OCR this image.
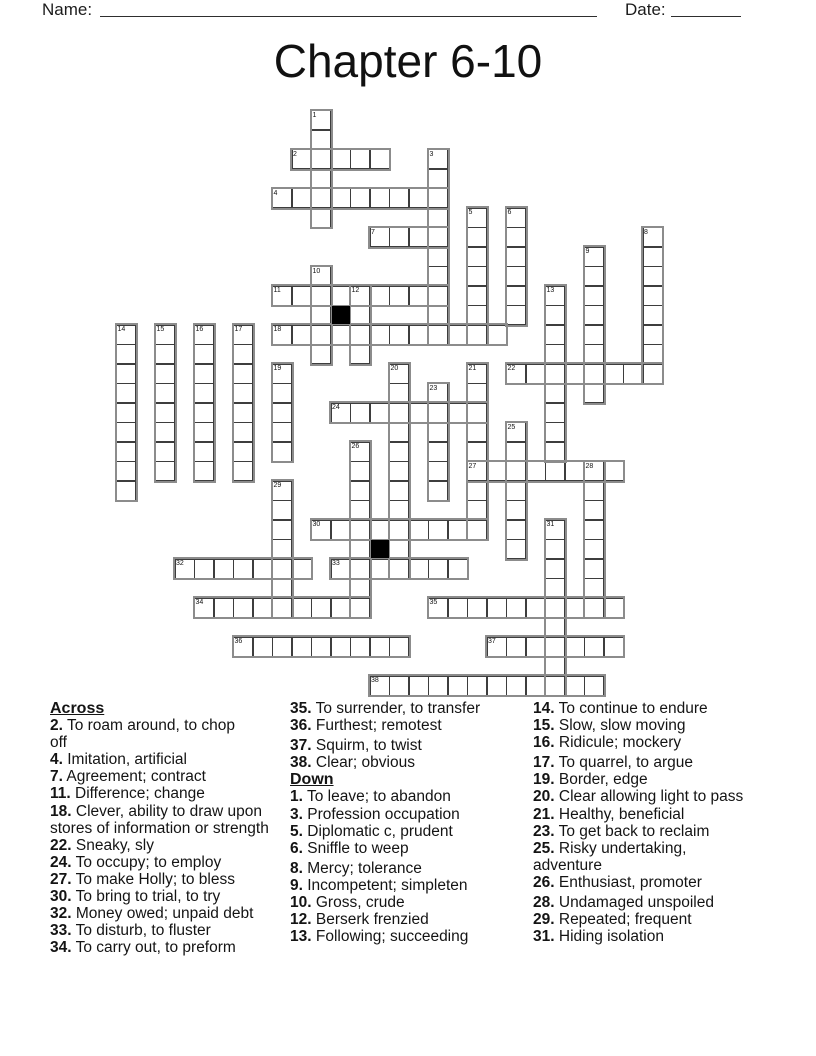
Name:	Date:
Chapter 6-10
2
4
7
11
18
22
24
27
30
32	33
34	35
36	37
38
1
3
5	6
8
9
10
12	13
14	15	16	17
19	20	21
23
25
26
28
29
31
Across
2. To roam around, to chop
off
4. Imitation, artificial
7. Agreement; contract
11. Difference; change
18. Clever, ability to draw upon
stores of information or strength
22. Sneaky, sly
24. To occupy; to employ
27. To make Holly; to bless
30. To bring to trial, to try
32. Money owed; unpaid debt
33. To disturb, to fluster
34. To carry out, to preform
35. To surrender, to transfer
36. Furthest; remotest
37. Squirm, to twist
38. Clear; obvious
Down
1. To leave; to abandon
3. Profession occupation
5. Diplomatic c, prudent
6. Sniffle to weep
8. Mercy; tolerance
9. Incompetent; simpleten
10. Gross, crude
12. Berserk frenzied
13. Following; succeeding
14. To continue to endure
15. Slow, slow moving
16. Ridicule; mockery
17. To quarrel, to argue
19. Border, edge
20. Clear allowing light to pass
21. Healthy, beneficial
23. To get back to reclaim
25. Risky undertaking,
adventure
26. Enthusiast, promoter
28. Undamaged unspoiled
29. Repeated; frequent
31. Hiding isolation
